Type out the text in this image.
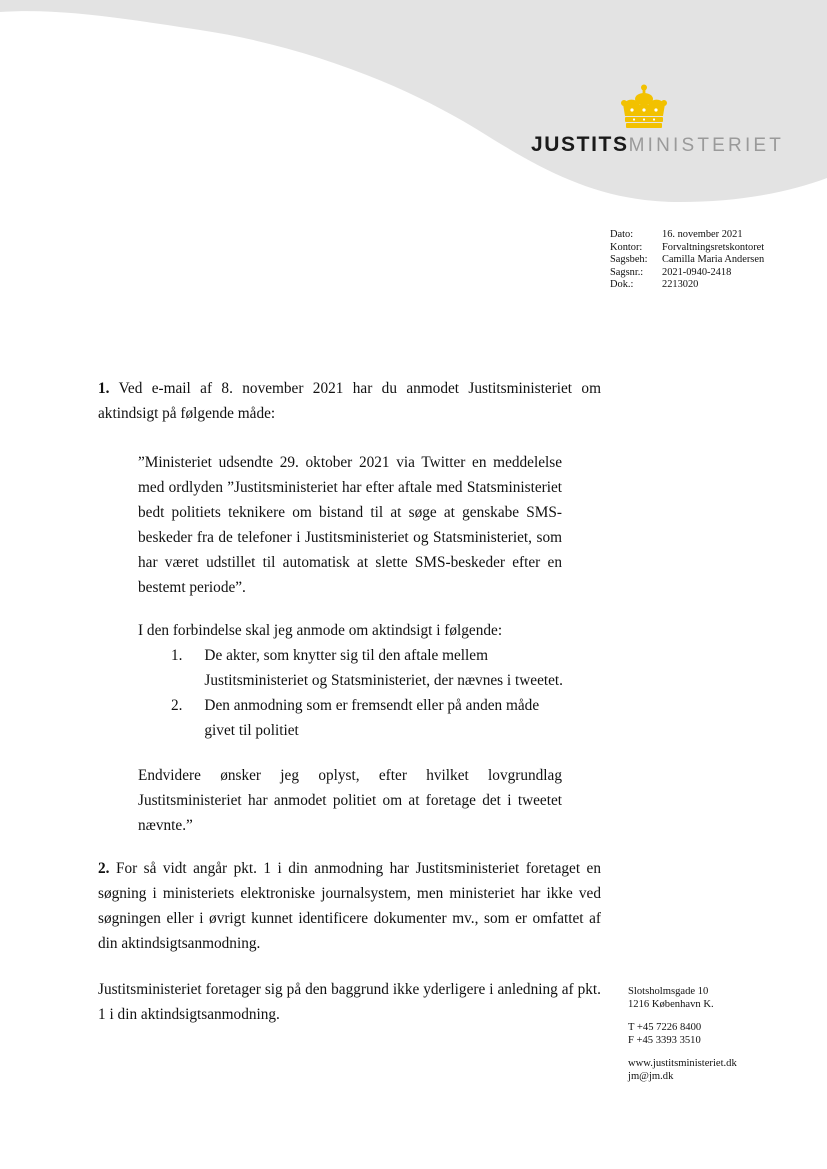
JUSTITSMINISTERIET
Dato:	16. november 2021
Kontor:	Forvaltningsretskontoret
Sagsbeh:	Camilla Maria Andersen
Sagsnr.:	2021-0940-2418
Dok.:	2213020

1. Ved e-mail af 8. november 2021 har du anmodet Justitsministeriet om aktindsigt på følgende måde:

”Ministeriet udsendte 29. oktober 2021 via Twitter en meddelelse med ordlyden ”Justitsministeriet har efter aftale med Statsministeriet bedt politiets teknikere om bistand til at søge at genskabe SMS-beskeder fra de telefoner i Justitsministeriet og Statsministeriet, som har været udstillet til automatisk at slette SMS-beskeder efter en bestemt periode”.

I den forbindelse skal jeg anmode om aktindsigt i følgende:

1.	De akter, som knytter sig til den aftale mellem Justitsministeriet og Statsministeriet, der nævnes i tweetet.
2.	Den anmodning som er fremsendt eller på anden måde givet til politiet

Endvidere ønsker jeg oplyst, efter hvilket lovgrundlag Justitsministeriet har anmodet politiet om at foretage det i tweetet nævnte.”

2. For så vidt angår pkt. 1 i din anmodning har Justitsministeriet foretaget en søgning i ministeriets elektroniske journalsystem, men ministeriet har ikke ved søgningen eller i øvrigt kunnet identificere dokumenter mv., som er omfattet af din aktindsigtsanmodning.

Justitsministeriet foretager sig på den baggrund ikke yderligere i anledning af pkt. 1 i din aktindsigtsanmodning.

Slotsholmsgade 10
1216 København K.
T +45 7226 8400
F +45 3393 3510
www.justitsministeriet.dk
jm@jm.dk
